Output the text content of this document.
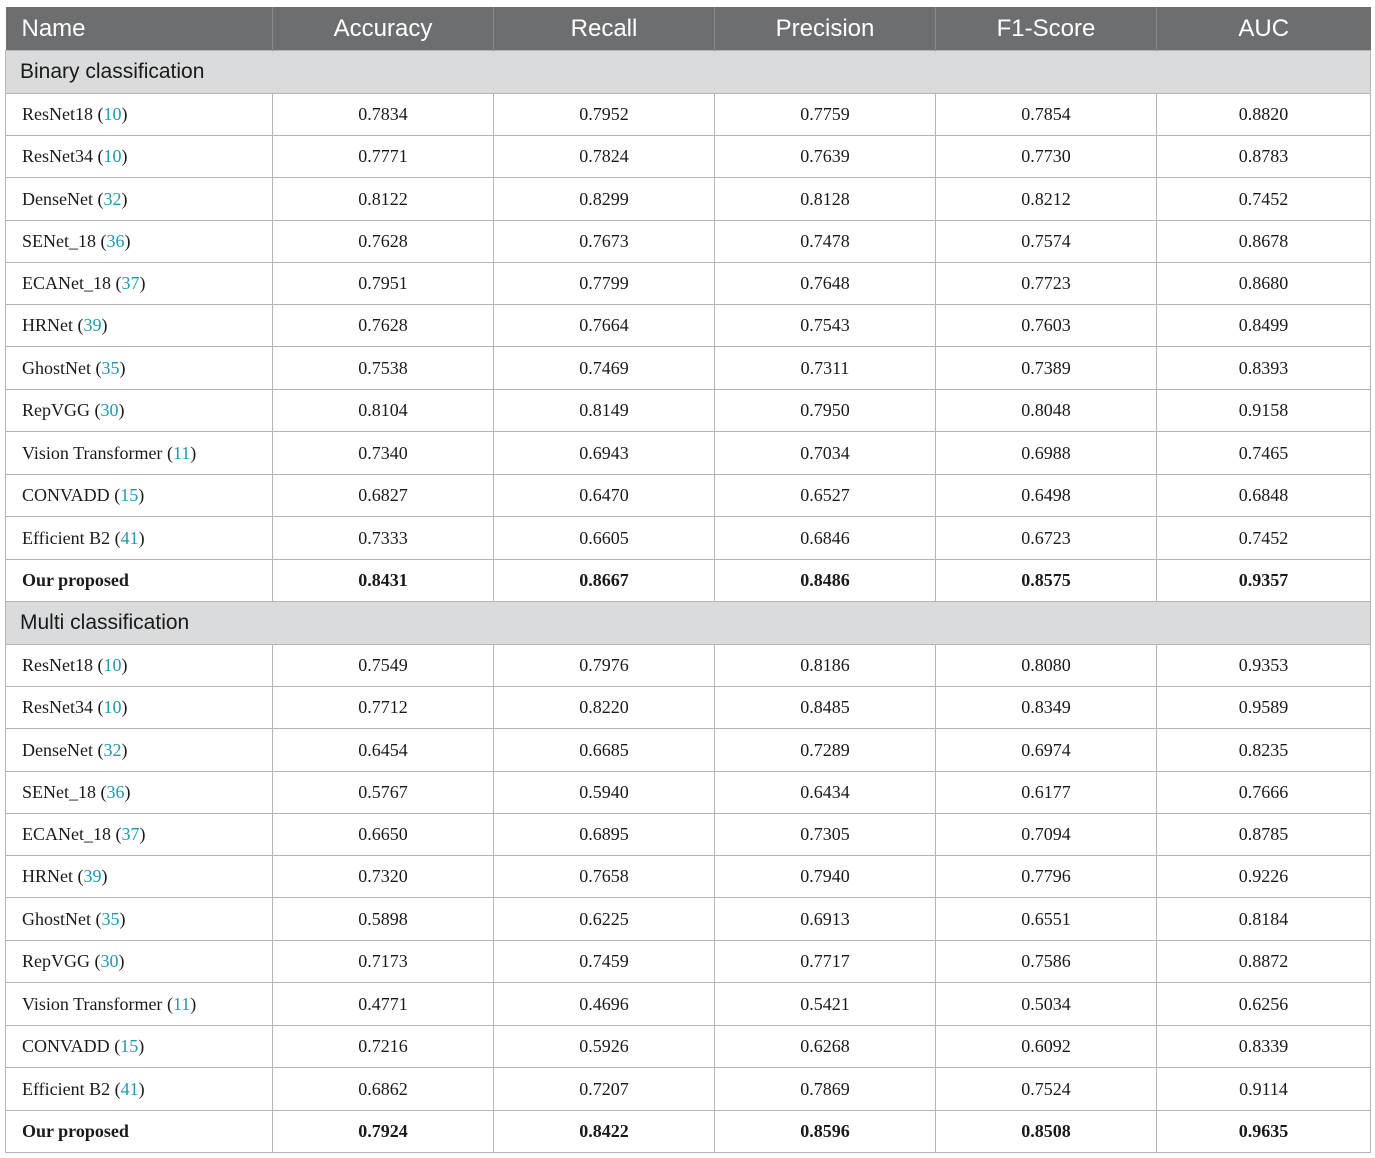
Name	Accuracy	Recall	Precision	F1-Score	AUC
Binary classification					
ResNet18 (10)	0.7834	0.7952	0.7759	0.7854	0.8820
ResNet34 (10)	0.7771	0.7824	0.7639	0.7730	0.8783
DenseNet (32)	0.8122	0.8299	0.8128	0.8212	0.7452
SENet_18 (36)	0.7628	0.7673	0.7478	0.7574	0.8678
ECANet_18 (37)	0.7951	0.7799	0.7648	0.7723	0.8680
HRNet (39)	0.7628	0.7664	0.7543	0.7603	0.8499
GhostNet (35)	0.7538	0.7469	0.7311	0.7389	0.8393
RepVGG (30)	0.8104	0.8149	0.7950	0.8048	0.9158
Vision Transformer (11)	0.7340	0.6943	0.7034	0.6988	0.7465
CONVADD (15)	0.6827	0.6470	0.6527	0.6498	0.6848
Efficient B2 (41)	0.7333	0.6605	0.6846	0.6723	0.7452
Our proposed	0.8431	0.8667	0.8486	0.8575	0.9357
Multi classification					
ResNet18 (10)	0.7549	0.7976	0.8186	0.8080	0.9353
ResNet34 (10)	0.7712	0.8220	0.8485	0.8349	0.9589
DenseNet (32)	0.6454	0.6685	0.7289	0.6974	0.8235
SENet_18 (36)	0.5767	0.5940	0.6434	0.6177	0.7666
ECANet_18 (37)	0.6650	0.6895	0.7305	0.7094	0.8785
HRNet (39)	0.7320	0.7658	0.7940	0.7796	0.9226
GhostNet (35)	0.5898	0.6225	0.6913	0.6551	0.8184
RepVGG (30)	0.7173	0.7459	0.7717	0.7586	0.8872
Vision Transformer (11)	0.4771	0.4696	0.5421	0.5034	0.6256
CONVADD (15)	0.7216	0.5926	0.6268	0.6092	0.8339
Efficient B2 (41)	0.6862	0.7207	0.7869	0.7524	0.9114
Our proposed	0.7924	0.8422	0.8596	0.8508	0.9635
